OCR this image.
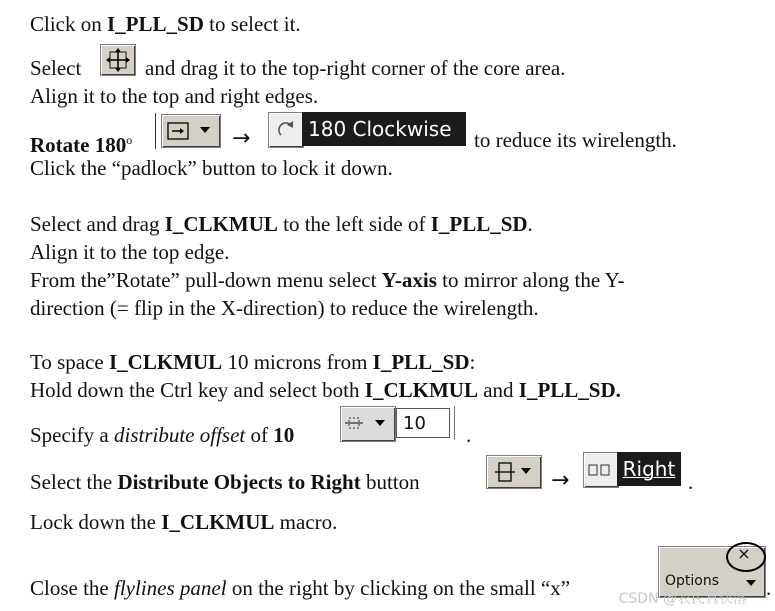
Click on I_PLL_SD to select it.
Select	and drag it to the top-right corner of the core area.
Align it to the top and right edges.
Rotate $180^o$	→	180 Clockwise	to reduce its wirelength.
Click the “padlock” button to lock it down.
Select and drag I_CLKMUL to the left side of I_PLL_SD.
Align it to the top edge.
From the”Rotate” pull-down menu select Y-axis to mirror along the Y-
direction (= flip in the X-direction) to reduce the wirelength.
To space I_CLKMUL 10 microns from I_PLL_SD:
Hold down the Ctrl key and select both I_CLKMUL and I_PLL_SD.
Specify a distribute offset of 10	10	.
Select the Distribute Objects to Right button	→	Right
.
Lock down the I_CLKMUL macro.
Close the flylines panel on the right by clicking on the small “x”	Options
×
.
CSDN @农民真快落
